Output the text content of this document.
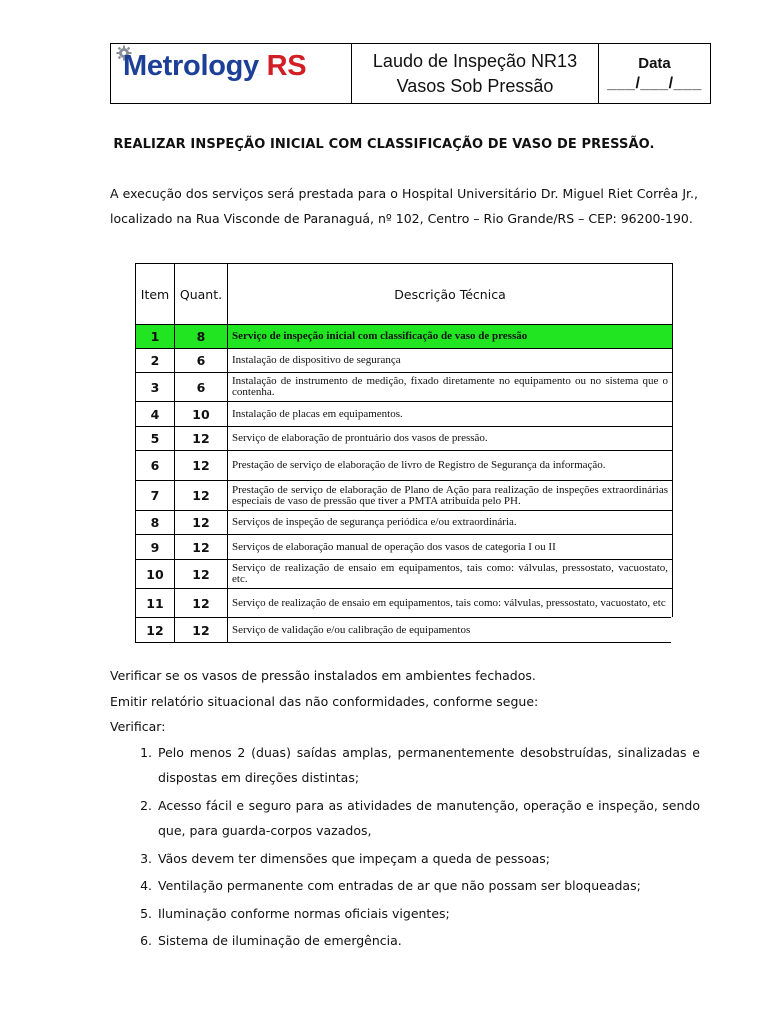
Metrology RS	Laudo de Inspeção NR13
Vasos Sob Pressão
Data
___/___/___
REALIZAR INSPEÇÃO INICIAL COM CLASSIFICAÇÃO DE VASO DE PRESSÃO.
A execução dos serviços será prestada para o Hospital Universitário Dr. Miguel Riet Corrêa Jr., localizado na Rua Visconde de Paranaguá, nº 102, Centro – Rio Grande/RS – CEP: 96200-190.
Item	Quant.	Descrição Técnica
1	8	Serviço de inspeção inicial com classificação de vaso de pressão
2	6	Instalação de dispositivo de segurança
3	6	Instalação de instrumento de medição, fixado diretamente no equipamento ou no sistema que o contenha.
4	10	Instalação de placas em equipamentos.
5	12	Serviço de elaboração de prontuário dos vasos de pressão.
6	12	Prestação de serviço de elaboração de livro de Registro de Segurança da informação.
7	12	Prestação de serviço de elaboração de Plano de Ação para realização de inspeções extraordinárias especiais de vaso de pressão que tiver a PMTA atribuída pelo PH.
8	12	Serviços de inspeção de segurança periódica e/ou extraordinária.
9	12	Serviços de elaboração manual de operação dos vasos de categoria I ou II
10	12	Serviço de realização de ensaio em equipamentos, tais como: válvulas, pressostato, vacuostato, etc.
11	12	Serviço de realização de ensaio em equipamentos, tais como: válvulas, pressostato, vacuostato, etc
12	12	Serviço de validação e/ou calibração de equipamentos

Verificar se os vasos de pressão instalados em ambientes fechados.

Emitir relatório situacional das não conformidades, conforme segue:

Verificar:

1. Pelo menos 2 (duas) saídas amplas, permanentemente desobstruídas, sinalizadas e dispostas em direções distintas;
2. Acesso fácil e seguro para as atividades de manutenção, operação e inspeção, sendo que, para guarda-corpos vazados,
3. Vãos devem ter dimensões que impeçam a queda de pessoas;
4. Ventilação permanente com entradas de ar que não possam ser bloqueadas;
5. Iluminação conforme normas oficiais vigentes;
6. Sistema de iluminação de emergência.
